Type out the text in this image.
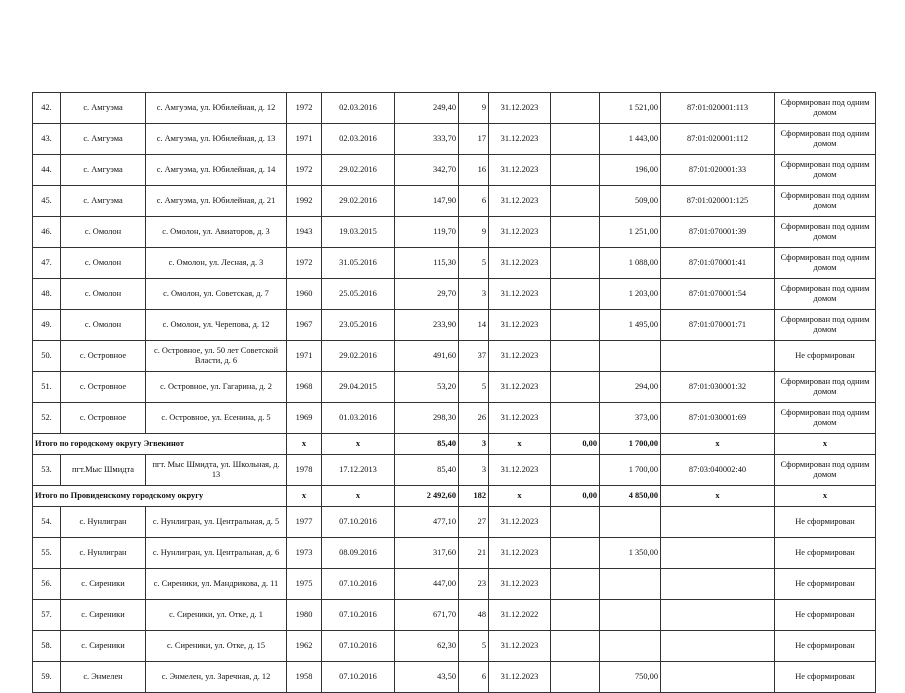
42.	с. Амгуэма	с. Амгуэма, ул. Юбилейная, д. 12	1972	02.03.2016	249,40	9	31.12.2023		1 521,00	87:01:020001:113	Сформирован под одним домом
43.	с. Амгуэма	с. Амгуэма, ул. Юбилейная, д. 13	1971	02.03.2016	333,70	17	31.12.2023		1 443,00	87:01:020001:112	Сформирован под одним домом
44.	с. Амгуэма	с. Амгуэма, ул. Юбилейная, д. 14	1972	29.02.2016	342,70	16	31.12.2023		196,00	87:01:020001:33	Сформирован под одним домом
45.	с. Амгуэма	с. Амгуэма, ул. Юбилейная, д. 21	1992	29.02.2016	147,90	6	31.12.2023		509,00	87:01:020001:125	Сформирован под одним домом
46.	с. Омолон	с. Омолон, ул. Авиаторов, д. 3	1943	19.03.2015	119,70	9	31.12.2023		1 251,00	87:01:070001:39	Сформирован под одним домом
47.	с. Омолон	с. Омолон, ул. Лесная, д. 3	1972	31.05.2016	115,30	5	31.12.2023		1 088,00	87:01:070001:41	Сформирован под одним домом
48.	с. Омолон	с. Омолон, ул. Советская, д. 7	1960	25.05.2016	29,70	3	31.12.2023		1 203,00	87:01:070001:54	Сформирован под одним домом
49.	с. Омолон	с. Омолон, ул. Черепова, д. 12	1967	23.05.2016	233,90	14	31.12.2023		1 495,00	87:01:070001:71	Сформирован под одним домом
50.	с. Островное	с. Островное, ул. 50 лет Советской Власти, д. 6	1971	29.02.2016	491,60	37	31.12.2023				Не сформирован
51.	с. Островное	с. Островное, ул. Гагарина, д. 2	1968	29.04.2015	53,20	5	31.12.2023		294,00	87:01:030001:32	Сформирован под одним домом
52.	с. Островное	с. Островное, ул. Есенина, д. 5	1969	01.03.2016	298,30	26	31.12.2023		373,00	87:01:030001:69	Сформирован под одним домом
Итого по городскому округу Эгвекинот			x	x	85,40	3	x	0,00	1 700,00	x	x
53.	пгт.Мыс Шмидта	пгт. Мыс Шмидта, ул. Школьная, д. 13	1978	17.12.2013	85,40	3	31.12.2023		1 700,00	87:03:040002:40	Сформирован под одним домом
Итого по Провиденскому городскому округу			x	x	2 492,60	182	x	0,00	4 850,00	x	x
54.	с. Нунлигран	с. Нунлигран, ул. Центральная, д. 5	1977	07.10.2016	477,10	27	31.12.2023				Не сформирован
55.	с. Нунлигран	с. Нунлигран, ул. Центральная, д. 6	1973	08.09.2016	317,60	21	31.12.2023		1 350,00		Не сформирован
56.	с. Сиреники	с. Сиреники, ул. Мандрикова, д. 11	1975	07.10.2016	447,00	23	31.12.2023				Не сформирован
57.	с. Сиреники	с. Сиреники, ул. Отке, д. 1	1980	07.10.2016	671,70	48	31.12.2022				Не сформирован
58.	с. Сиреники	с. Сиреники, ул. Отке, д. 15	1962	07.10.2016	62,30	5	31.12.2023				Не сформирован
59.	с. Энмелен	с. Энмелен, ул. Заречная, д. 12	1958	07.10.2016	43,50	6	31.12.2023		750,00		Не сформирован
